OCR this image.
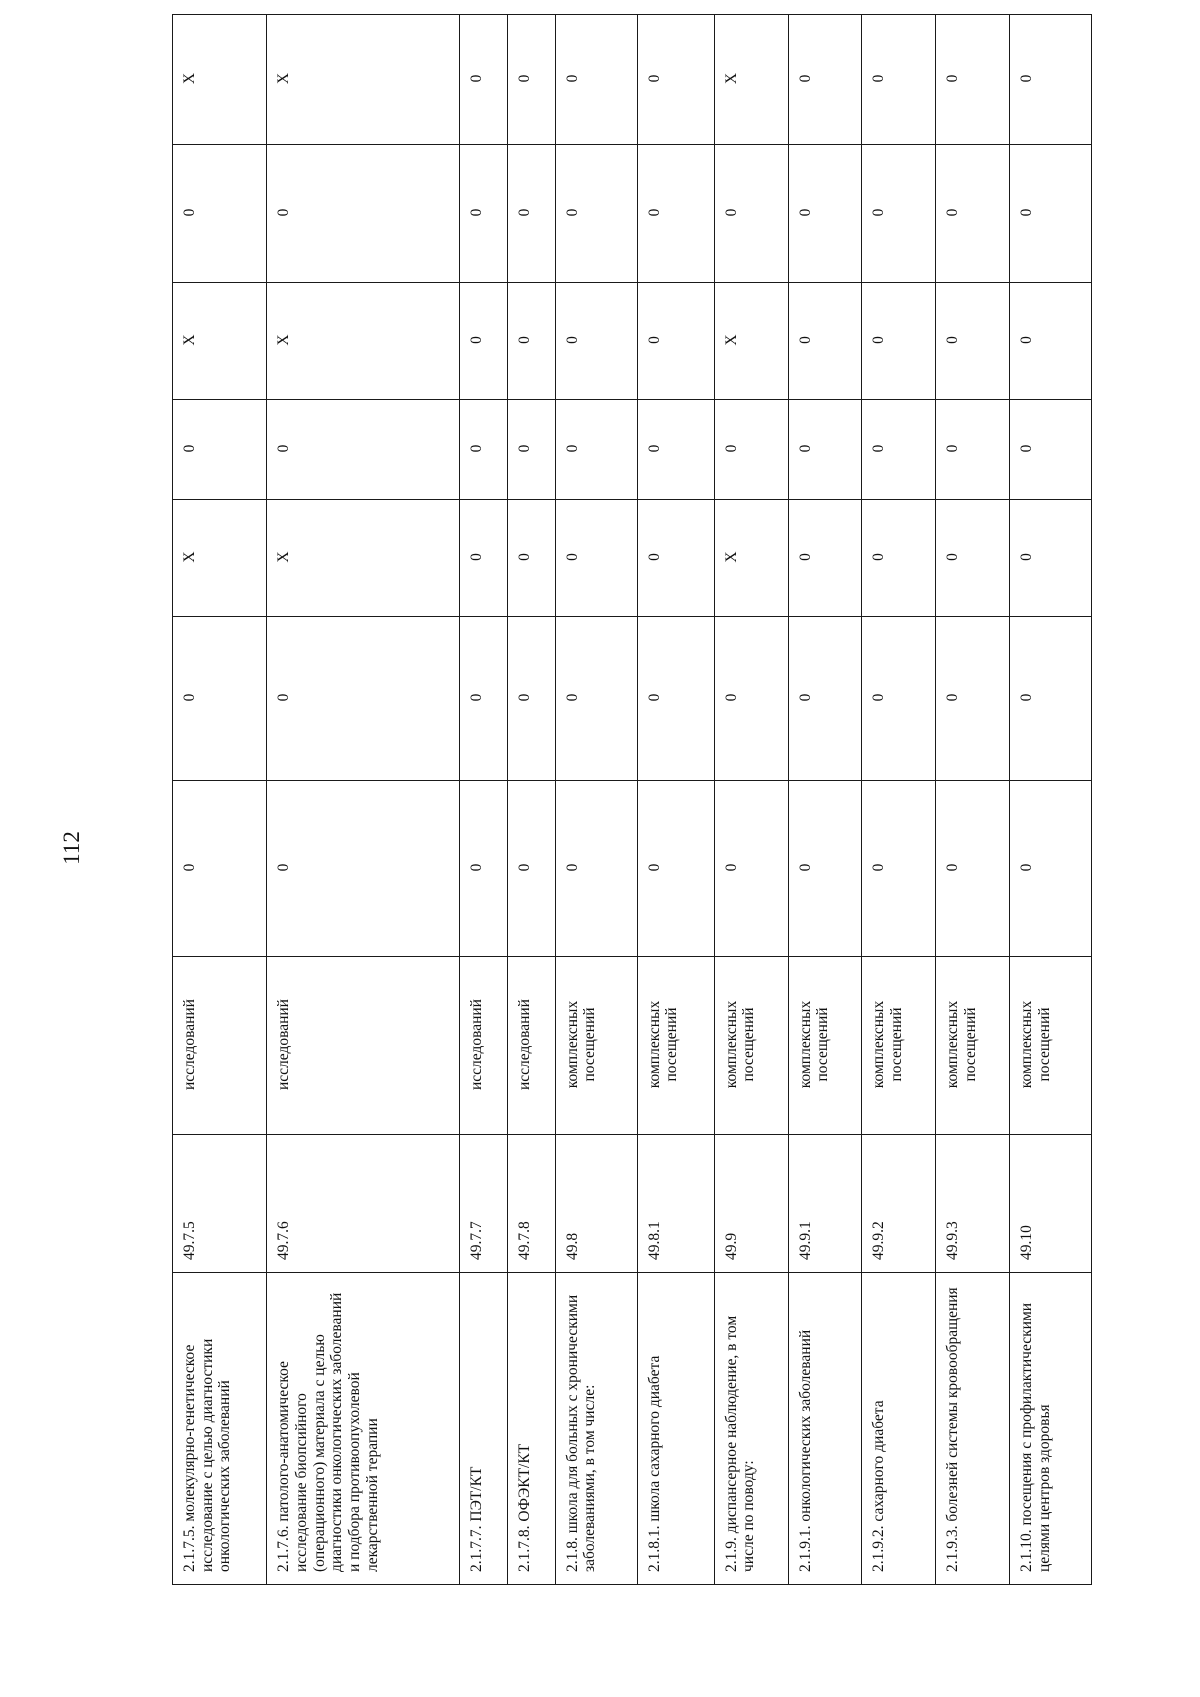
112
2.1.7.5. молекулярно-генетическое исследование с целью диагностики онкологических заболеваний	49.7.5	исследований	0	0	Х	0	Х	0	Х
2.1.7.6. патолого-анатомическое исследование биопсийного (операционного) материала с целью диагностики онкологических заболеваний и подбора противоопухолевой лекарственной терапии	49.7.6	исследований	0	0	Х	0	Х	0	Х
2.1.7.7. ПЭТ/КТ	49.7.7	исследований	0	0	0	0	0	0	0
2.1.7.8. ОФЭКТ/КТ	49.7.8	исследований	0	0	0	0	0	0	0
2.1.8. школа для больных с хроническими заболеваниями, в том числе:	49.8	комплексных посещений	0	0	0	0	0	0	0
2.1.8.1. школа сахарного диабета	49.8.1	комплексных посещений	0	0	0	0	0	0	0
2.1.9. диспансерное наблюдение, в том числе по поводу:	49.9	комплексных посещений	0	0	Х	0	Х	0	Х
2.1.9.1. онкологических заболеваний	49.9.1	комплексных посещений	0	0	0	0	0	0	0
2.1.9.2. сахарного диабета	49.9.2	комплексных посещений	0	0	0	0	0	0	0
2.1.9.3. болезней системы кровообращения	49.9.3	комплексных посещений	0	0	0	0	0	0	0
2.1.10. посещения с профилактическими целями центров здоровья	49.10	комплексных посещений	0	0	0	0	0	0	0
